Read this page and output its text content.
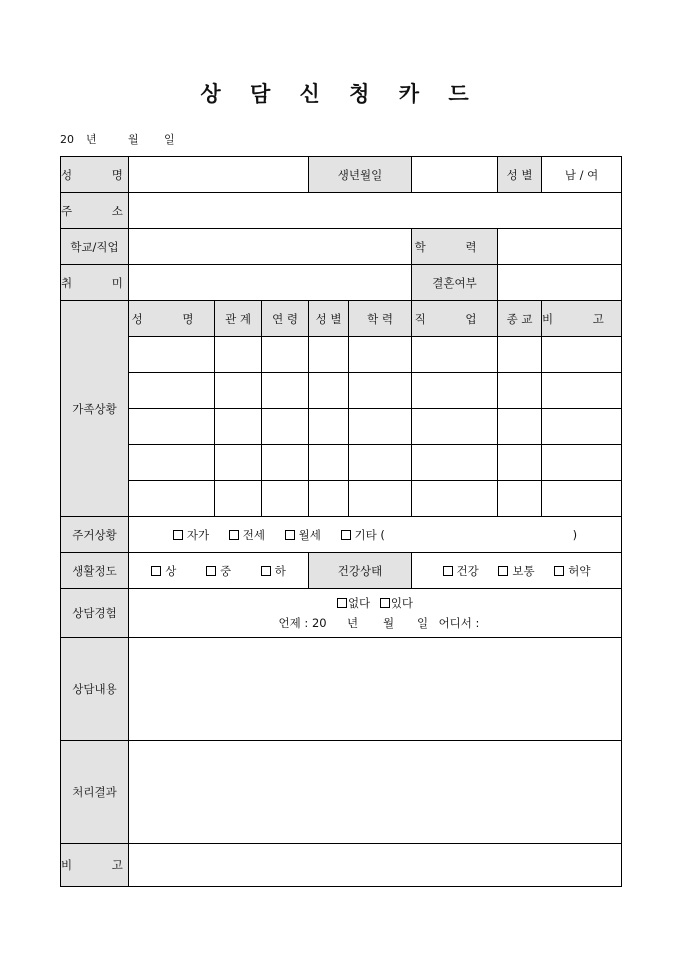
상 담 신 청 카 드
20 년	월 일
성 명				생년월일			성 별	남 / 여
주 소								
학교/직업						학 력		
취 미						결혼여부		
가족상황	성 명	관 계	연 령	성 별	학 력	직 업	종 교	비 고

주거상황	자가 전세 월세 기타 ( )							
생활정도	상 중 하			건강상태		건강 보통 허약		
상담경험	없다 있다
언제 : 20 년 월 일 어디서 :							

상담내용								
처리결과								
비 고								
